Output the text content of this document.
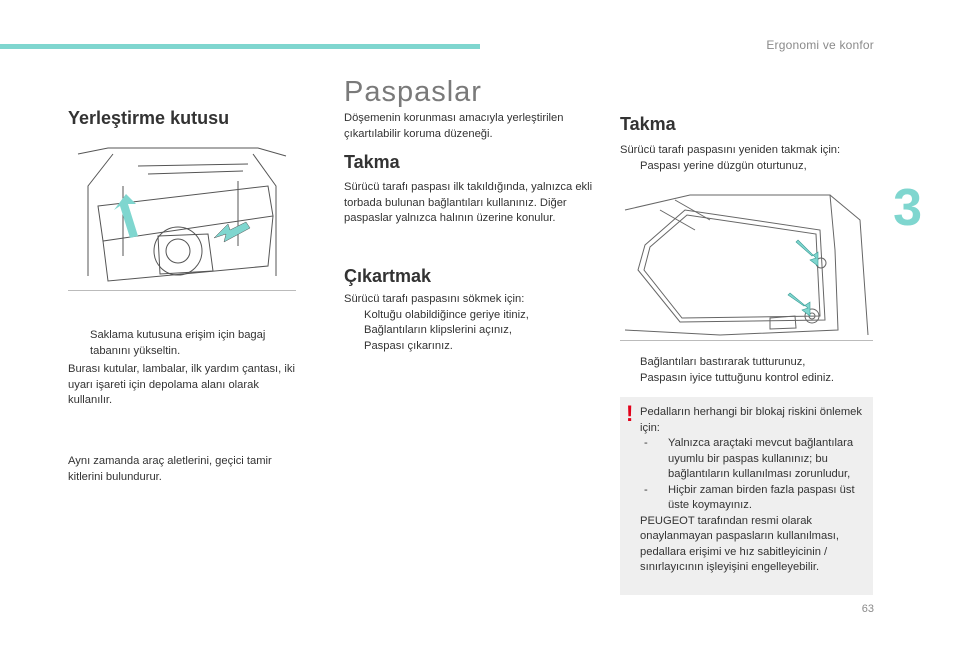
Ergonomi ve konfor
3
63
Yerleştirme kutusu
Saklama kutusuna erişim için bagaj tabanını yükseltin.
Burası kutular, lambalar, ilk yardım çantası, iki uyarı işareti için depolama alanı olarak kullanılır.
Aynı zamanda araç aletlerini, geçici tamir kitlerini bulundurur.
Paspaslar
Döşemenin korunması amacıyla yerleştirilen çıkartılabilir koruma düzeneği.
Takma
Sürücü tarafı paspası ilk takıldığında, yalnızca ekli torbada bulunan bağlantıları kullanınız. Diğer paspaslar yalnızca halının üzerine konulur.
Çıkartmak
Sürücü tarafı paspasını sökmek için:
Koltuğu olabildiğince geriye itiniz,
Bağlantıların klipslerini açınız,
Paspası çıkarınız.
Takma
Sürücü tarafı paspasını yeniden takmak için:
Paspası yerine düzgün oturtunuz,
Bağlantıları bastırarak tutturunuz,
Paspasın iyice tuttuğunu kontrol ediniz.
! Pedalların herhangi bir blokaj riskini önlemek için:
- Yalnızca araçtaki mevcut bağlantılara uyumlu bir paspas kullanınız; bu bağlantıların kullanılması zorunludur,
- Hiçbir zaman birden fazla paspası üst üste koymayınız.
PEUGEOT tarafından resmi olarak onaylanmayan paspasların kullanılması, pedallara erişimi ve hız sabitleyicinin / sınırlayıcının işleyişini engelleyebilir.
